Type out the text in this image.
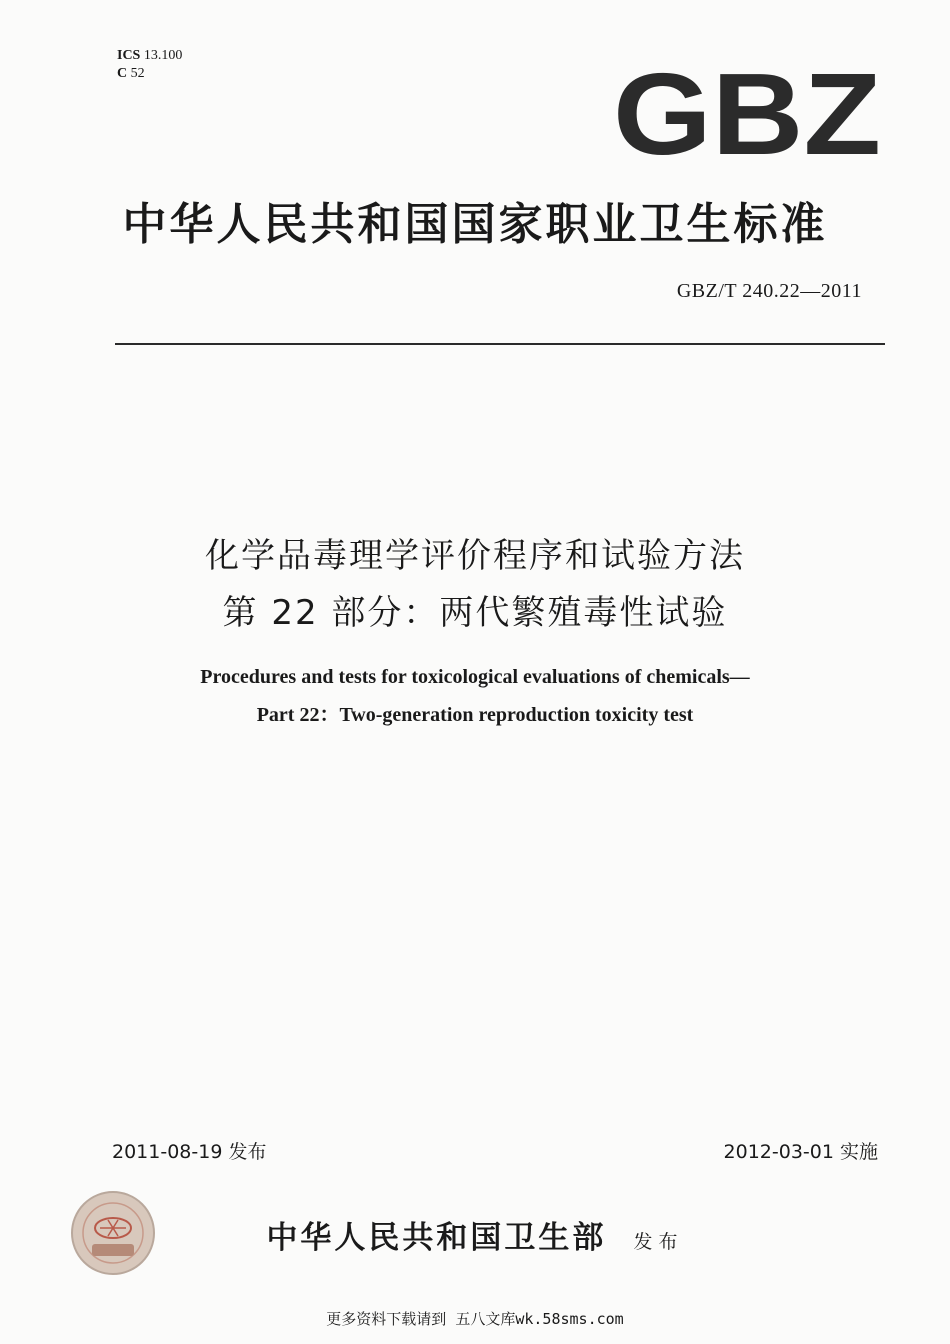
ICS 13.100
C 52	GBZ
中华人民共和国国家职业卫生标准
GBZ/T 240.22—2011
化学品毒理学评价程序和试验方法
第 22 部分：两代繁殖毒性试验
Procedures and tests for toxicological evaluations of chemicals—
Part 22：Two-generation reproduction toxicity test
2011-08-19 发布	2012-03-01 实施
中华人民共和国卫生部 发布
更多资料下载请到 五八文库wk.58sms.com
